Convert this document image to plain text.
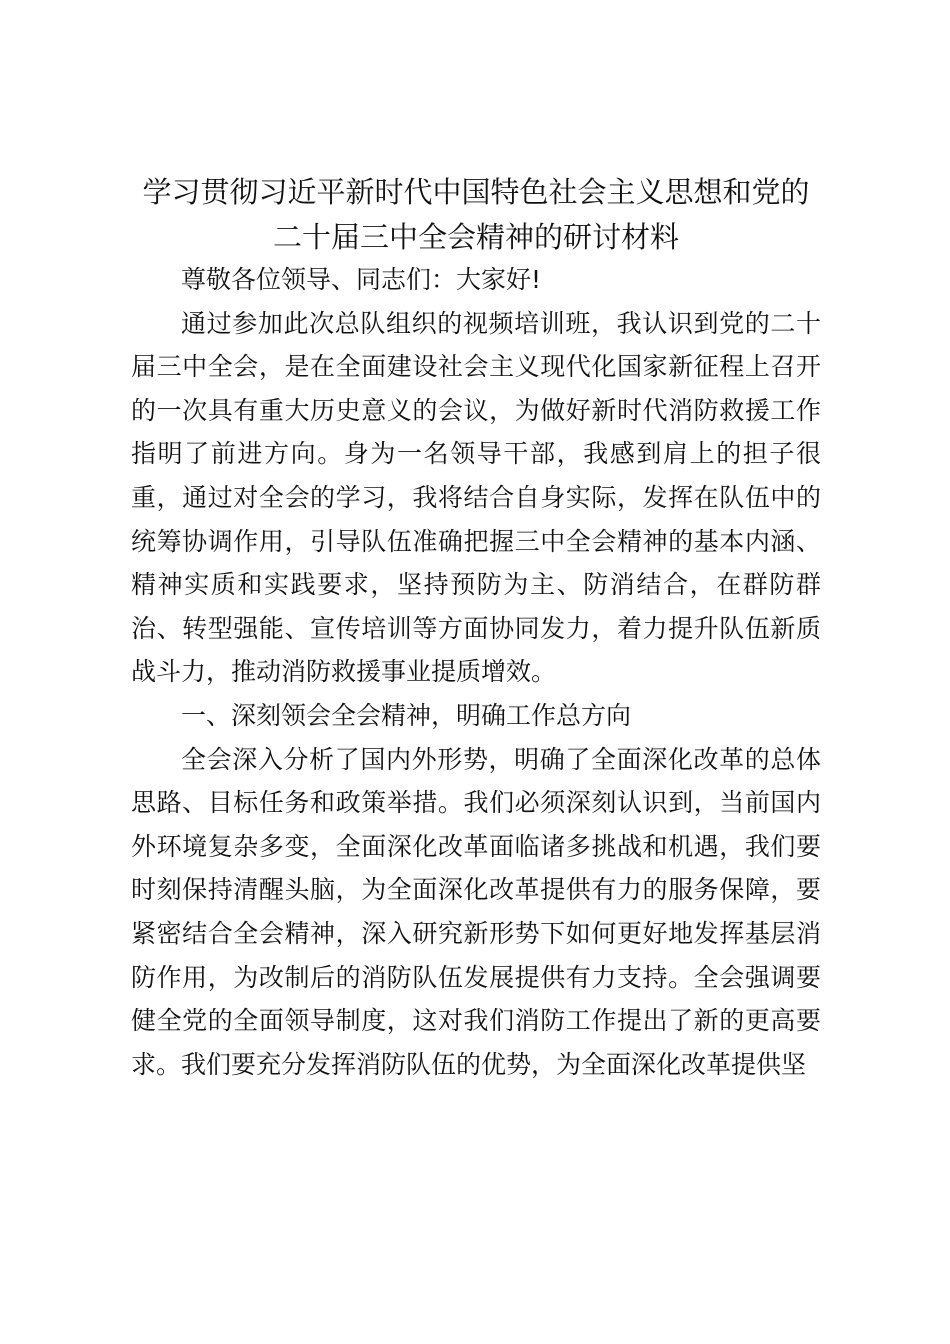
学习贯彻习近平新时代中国特色社会主义思想和党的二十届三中全会精神的研讨材料

尊敬各位领导、同志们：大家好!

通过参加此次总队组织的视频培训班，我认识到党的二十届三中全会，是在全面建设社会主义现代化国家新征程上召开的一次具有重大历史意义的会议，为做好新时代消防救援工作指明了前进方向。身为一名领导干部，我感到肩上的担子很重，通过对全会的学习，我将结合自身实际，发挥在队伍中的统筹协调作用，引导队伍准确把握三中全会精神的基本内涵、精神实质和实践要求，坚持预防为主、防消结合，在群防群治、转型强能、宣传培训等方面协同发力，着力提升队伍新质战斗力，推动消防救援事业提质增效。

一、深刻领会全会精神，明确工作总方向

全会深入分析了国内外形势，明确了全面深化改革的总体思路、目标任务和政策举措。我们必须深刻认识到，当前国内外环境复杂多变，全面深化改革面临诸多挑战和机遇，我们要时刻保持清醒头脑，为全面深化改革提供有力的服务保障，要紧密结合全会精神，深入研究新形势下如何更好地发挥基层消防作用，为改制后的消防队伍发展提供有力支持。全会强调要健全党的全面领导制度，这对我们消防工作提出了新的更高要求。我们要充分发挥消防队伍的优势，为全面深化改革提供坚
